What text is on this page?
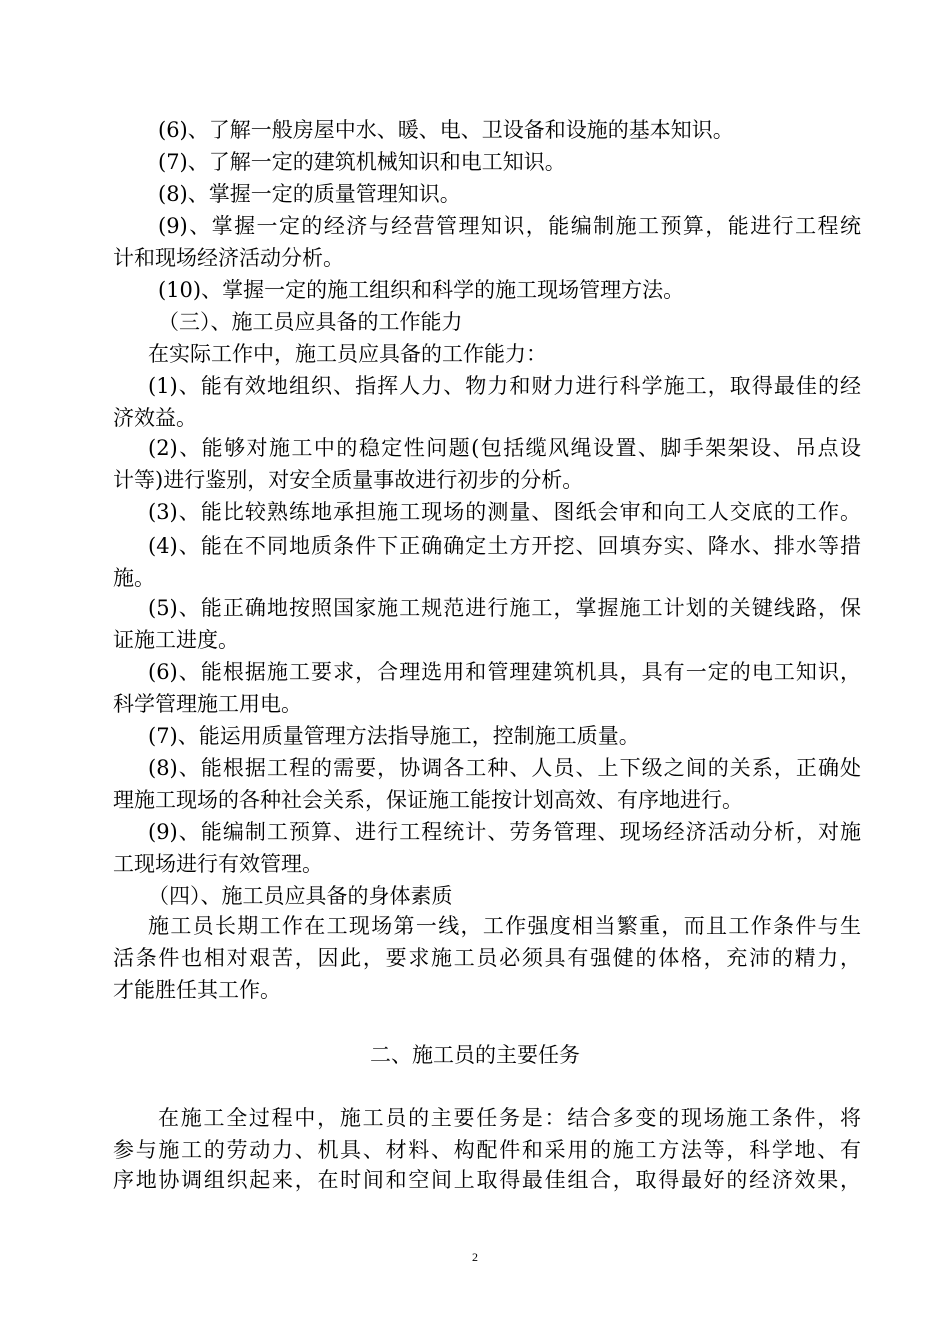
(6)、了解一般房屋中水、暖、电、卫设备和设施的基本知识。
(7)、了解一定的建筑机械知识和电工知识。
(8)、掌握一定的质量管理知识。
(9)、掌握一定的经济与经营管理知识，能编制施工预算，能进行工程统
计和现场经济活动分析。
(10)、掌握一定的施工组织和科学的施工现场管理方法。
（三）、施工员应具备的工作能力
在实际工作中，施工员应具备的工作能力：
(1)、能有效地组织、指挥人力、物力和财力进行科学施工，取得最佳的经
济效益。
(2)、能够对施工中的稳定性问题(包括缆风绳设置、脚手架架设、吊点设
计等)进行鉴别，对安全质量事故进行初步的分析。
(3)、能比较熟练地承担施工现场的测量、图纸会审和向工人交底的工作。
(4)、能在不同地质条件下正确确定土方开挖、回填夯实、降水、排水等措
施。
(5)、能正确地按照国家施工规范进行施工，掌握施工计划的关键线路，保
证施工进度。
(6)、能根据施工要求，合理选用和管理建筑机具，具有一定的电工知识，
科学管理施工用电。
(7)、能运用质量管理方法指导施工，控制施工质量。
(8)、能根据工程的需要，协调各工种、人员、上下级之间的关系，正确处
理施工现场的各种社会关系，保证施工能按计划高效、有序地进行。
(9)、能编制工预算、进行工程统计、劳务管理、现场经济活动分析，对施
工现场进行有效管理。
（四）、施工员应具备的身体素质
施工员长期工作在工现场第一线，工作强度相当繁重，而且工作条件与生
活条件也相对艰苦，因此，要求施工员必须具有强健的体格，充沛的精力，
才能胜任其工作。
二、施工员的主要任务
在施工全过程中，施工员的主要任务是：结合多变的现场施工条件，将
参与施工的劳动力、机具、材料、构配件和采用的施工方法等，科学地、有
序地协调组织起来，在时间和空间上取得最佳组合，取得最好的经济效果，
2
